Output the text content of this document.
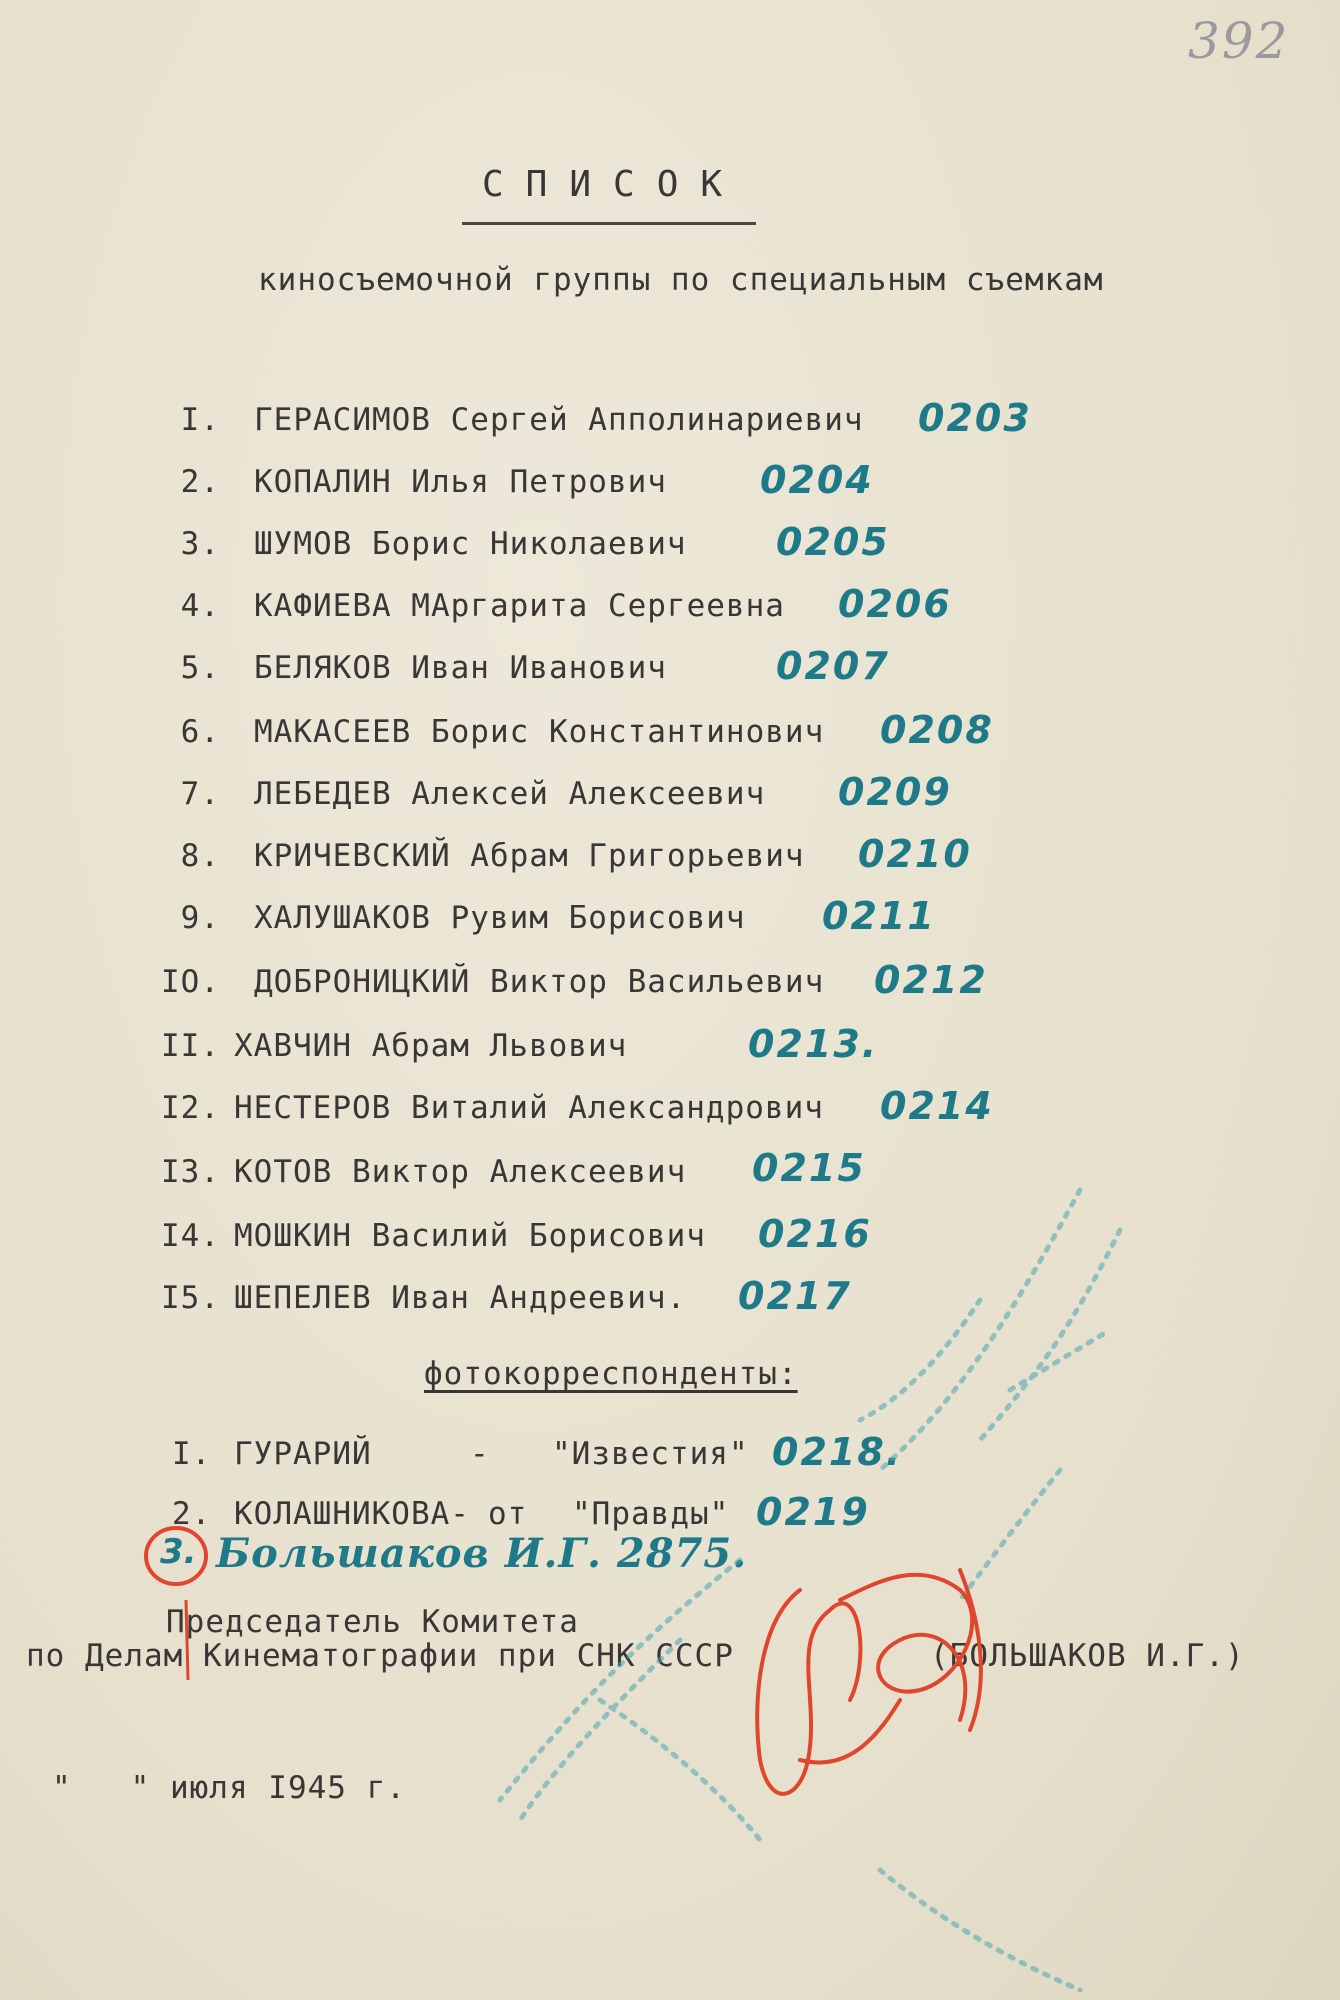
392
СПИСОК
киносъемочной группы по специальным съемкам
I. ГЕРАСИМОВ Сергей Апполинариевич 0203
2. КОПАЛИН Илья Петрович 0204
3. ШУМОВ Борис Николаевич 0205
4. КАФИЕВА МАргарита Сергеевна 0206
5. БЕЛЯКОВ Иван Иванович	0207
6. МАКАСЕЕВ Борис Константинович 0208
7. ЛЕБЕДЕВ Алексей Алексеевич 0209
8. КРИЧЕВСКИЙ Абрам Григорьевич 0210
9. ХАЛУШАКОВ Рувим Борисович 0211
IO. ДОБРОНИЦКИЙ Виктор Васильевич 0212
II. ХАВЧИН Абрам Львович	0213.
I2. НЕСТЕРОВ Виталий Александрович 0214
I3. КОТОВ Виктор Алексеевич 0215
I4. МОШКИН Василий Борисович 0216
I5. ШЕПЕЛЕВ Иван Андреевич. 0217
фотокорреспонденты:
I. ГУРАРИЙ	- "Известия" 0218.
2. КОЛАШНИКОВА- от "Правды" 0219
3. Большаков И.Г. 2875.
Председатель Комитета
по Делам Кинематографии при СНК СССР	(БОЛЬШАКОВ И.Г.)
"   " июля I945 г.
